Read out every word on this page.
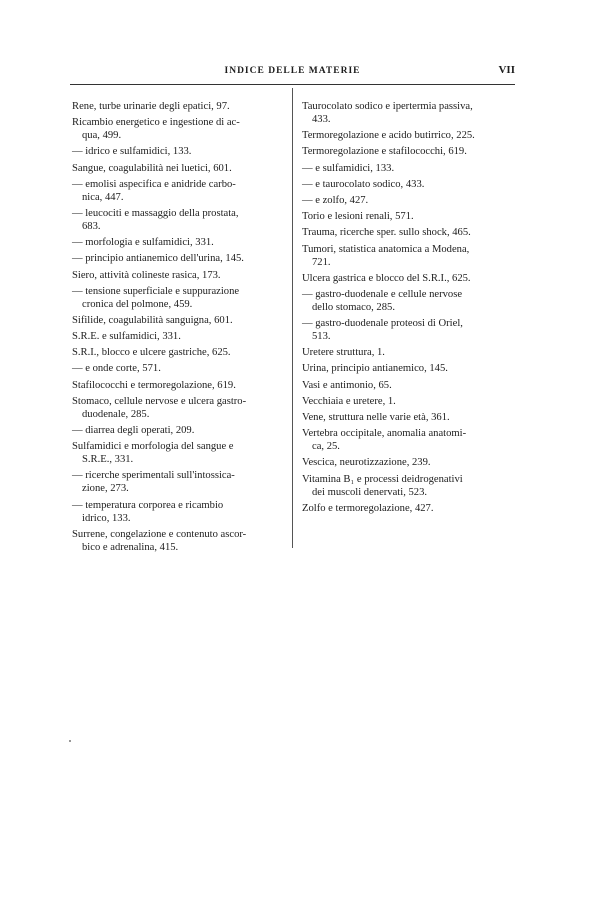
INDICE DELLE MATERIE	VII
Rene, turbe urinarie degli epatici, 97.
Ricambio energetico e ingestione di ac-
qua, 499.
— idrico e sulfamidici, 133.
Sangue, coagulabilità nei luetici, 601.
— emolisi aspecifica e anidride carbo-
nica, 447.
— leucociti e massaggio della prostata,
683.
— morfologia e sulfamidici, 331.
— principio antianemico dell'urina, 145.
Siero, attività colineste rasica, 173.
— tensione superficiale e suppurazione
cronica del polmone, 459.
Sifilide, coagulabilità sanguigna, 601.
S.R.E. e sulfamidici, 331.
S.R.I., blocco e ulcere gastriche, 625.
— e onde corte, 571.
Stafilococchi e termoregolazione, 619.
Stomaco, cellule nervose e ulcera gastro-
duodenale, 285.
— diarrea degli operati, 209.
Sulfamidici e morfologia del sangue e
S.R.E., 331.
— ricerche sperimentali sull'intossica-
zione, 273.
— temperatura corporea e ricambio
idrico, 133.
Surrene, congelazione e contenuto ascor-
bico e adrenalina, 415.
Taurocolato sodico e ipertermia passiva,
433.
Termoregolazione e acido butirrico, 225.
Termoregolazione e stafilococchi, 619.
— e sulfamidici, 133.
— e taurocolato sodico, 433.
— e zolfo, 427.
Torio e lesioni renali, 571.
Trauma, ricerche sper. sullo shock, 465.
Tumori, statistica anatomica a Modena,
721.
Ulcera gastrica e blocco del S.R.I., 625.
— gastro-duodenale e cellule nervose
dello stomaco, 285.
— gastro-duodenale proteosi di Oriel,
513.
Uretere struttura, 1.
Urina, principio antianemico, 145.
Vasi e antimonio, 65.
Vecchiaia e uretere, 1.
Vene, struttura nelle varie età, 361.
Vertebra occipitale, anomalia anatomi-
ca, 25.
Vescica, neurotizzazione, 239.
Vitamina B₁ e processi deidrogenativi
dei muscoli denervati, 523.
Zolfo e termoregolazione, 427.
